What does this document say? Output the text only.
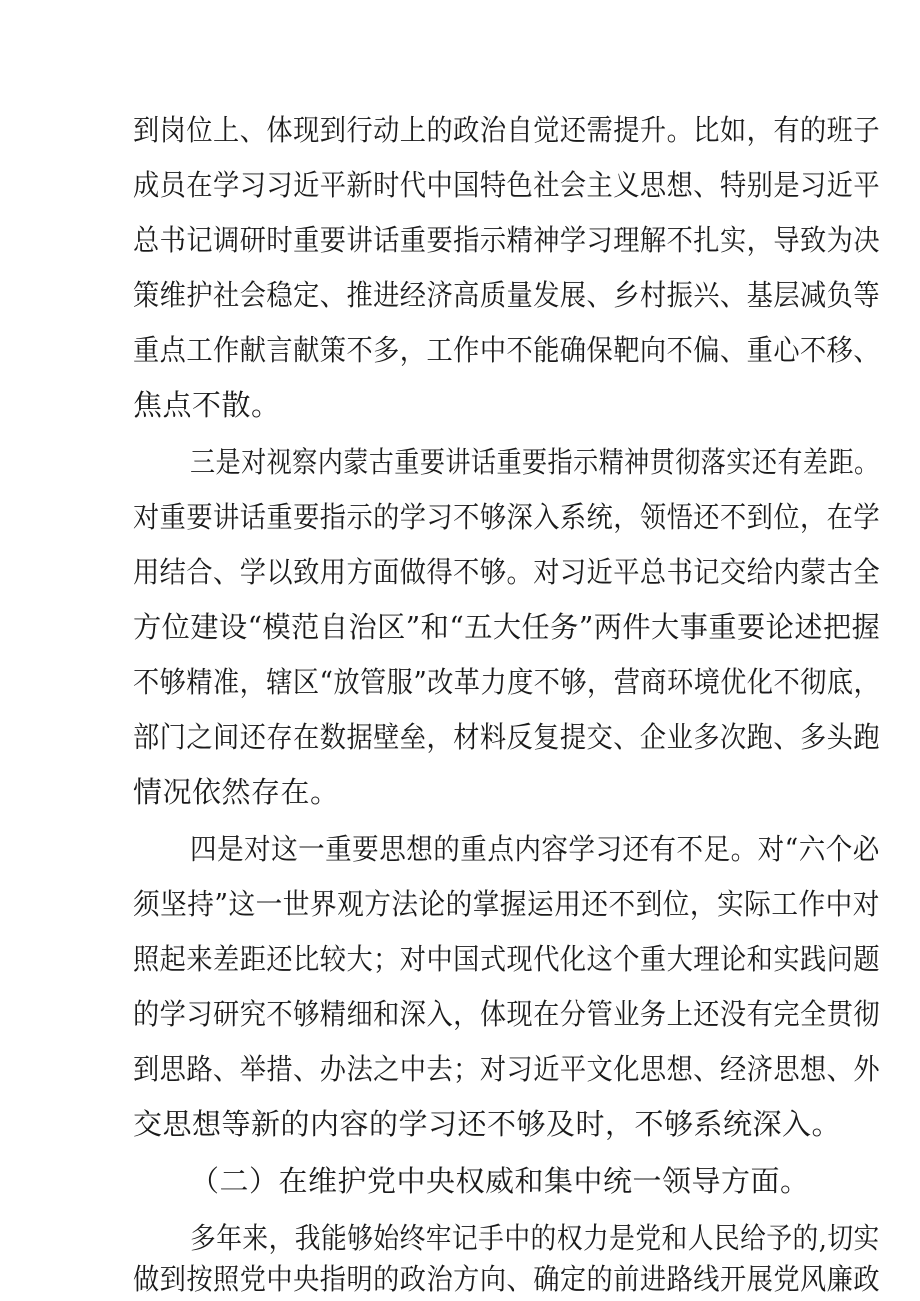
到岗位上、体现到行动上的政治自觉还需提升。比如，有的班子
成员在学习习近平新时代中国特色社会主义思想、特别是习近平
总书记调研时重要讲话重要指示精神学习理解不扎实，导致为决
策维护社会稳定、推进经济高质量发展、乡村振兴、基层减负等
重点工作献言献策不多，工作中不能确保靶向不偏、重心不移、
焦点不散。
三是对视察内蒙古重要讲话重要指示精神贯彻落实还有差距。
对重要讲话重要指示的学习不够深入系统，领悟还不到位，在学
用结合、学以致用方面做得不够。对习近平总书记交给内蒙古全
方位建设“模范自治区”和“五大任务”两件大事重要论述把握
不够精准，辖区“放管服”改革力度不够，营商环境优化不彻底，
部门之间还存在数据壁垒，材料反复提交、企业多次跑、多头跑
情况依然存在。
四是对这一重要思想的重点内容学习还有不足。对“六个必
须坚持”这一世界观方法论的掌握运用还不到位，实际工作中对
照起来差距还比较大；对中国式现代化这个重大理论和实践问题
的学习研究不够精细和深入，体现在分管业务上还没有完全贯彻
到思路、举措、办法之中去；对习近平文化思想、经济思想、外
交思想等新的内容的学习还不够及时，不够系统深入。
（二）在维护党中央权威和集中统一领导方面。
多年来，我能够始终牢记手中的权力是党和人民给予的,切实
做到按照党中央指明的政治方向、确定的前进路线开展党风廉政
